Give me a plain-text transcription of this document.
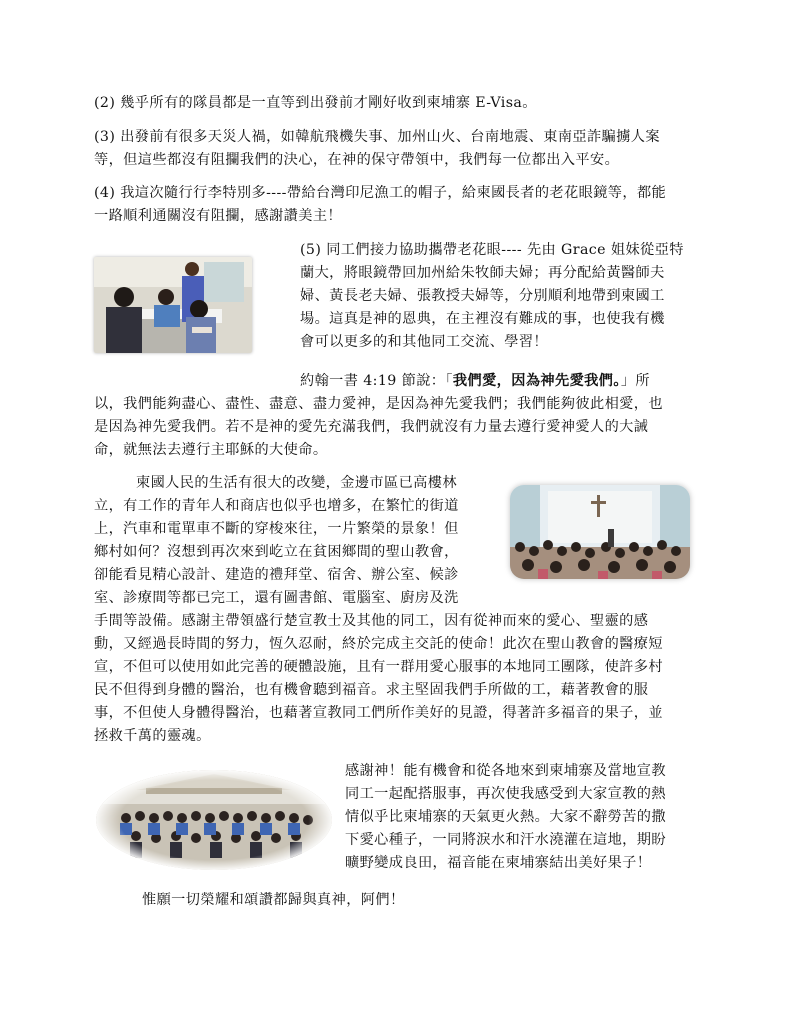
(2) 幾乎所有的隊員都是一直等到出發前才剛好收到柬埔寨 E-Visa。
(3) 出發前有很多天災人禍，如韓航飛機失事、加州山火、台南地震、東南亞詐騙擄人案
等，但這些都沒有阻攔我們的決心，在神的保守帶領中，我們每一位都出入平安。
(4) 我這次隨行行李特別多----帶給台灣印尼漁工的帽子，給柬國長者的老花眼鏡等，都能
一路順利通關沒有阻攔，感謝讚美主！
(5) 同工們接力協助攜帶老花眼---- 先由 Grace 姐妹從亞特
蘭大，將眼鏡帶回加州給朱牧師夫婦；再分配給黃醫師夫
婦、黃長老夫婦、張教授夫婦等，分別順利地帶到柬國工
場。這真是神的恩典，在主裡沒有難成的事，也使我有機
會可以更多的和其他同工交流、學習！
約翰一書 4:19 節說：「我們愛，因為神先愛我們。」所
以，我們能夠盡心、盡性、盡意、盡力愛神，是因為神先愛我們；我們能夠彼此相愛，也
是因為神先愛我們。若不是神的愛先充滿我們，我們就沒有力量去遵行愛神愛人的大誡
命，就無法去遵行主耶穌的大使命。
柬國人民的生活有很大的改變，金邊市區已高樓林
立，有工作的青年人和商店也似乎也增多，在繁忙的街道
上，汽車和電單車不斷的穿梭來往，一片繁榮的景象！但
鄉村如何？沒想到再次來到屹立在貧困鄉間的聖山教會，
卻能看見精心設計、建造的禮拜堂、宿舍、辦公室、候診
室、診療間等都已完工，還有圖書館、電腦室、廚房及洗
手間等設備。感謝主帶領盛行楚宣教士及其他的同工，因有從神而來的愛心、聖靈的感
動，又經過長時間的努力，恆久忍耐，終於完成主交託的使命！此次在聖山教會的醫療短
宣，不但可以使用如此完善的硬體設施，且有一群用愛心服事的本地同工團隊，使許多村
民不但得到身體的醫治，也有機會聽到福音。求主堅固我們手所做的工，藉著教會的服
事，不但使人身體得醫治，也藉著宣教同工們所作美好的見證，得著許多福音的果子，並
拯救千萬的靈魂。
感謝神！能有機會和從各地來到柬埔寨及當地宣教
同工一起配搭服事，再次使我感受到大家宣教的熱
情似乎比柬埔寨的天氣更火熱。大家不辭勞苦的撒
下愛心種子，一同將淚水和汗水澆灌在這地，期盼
曠野變成良田，福音能在柬埔寨結出美好果子！
惟願一切榮耀和頌讚都歸與真神，阿們！
